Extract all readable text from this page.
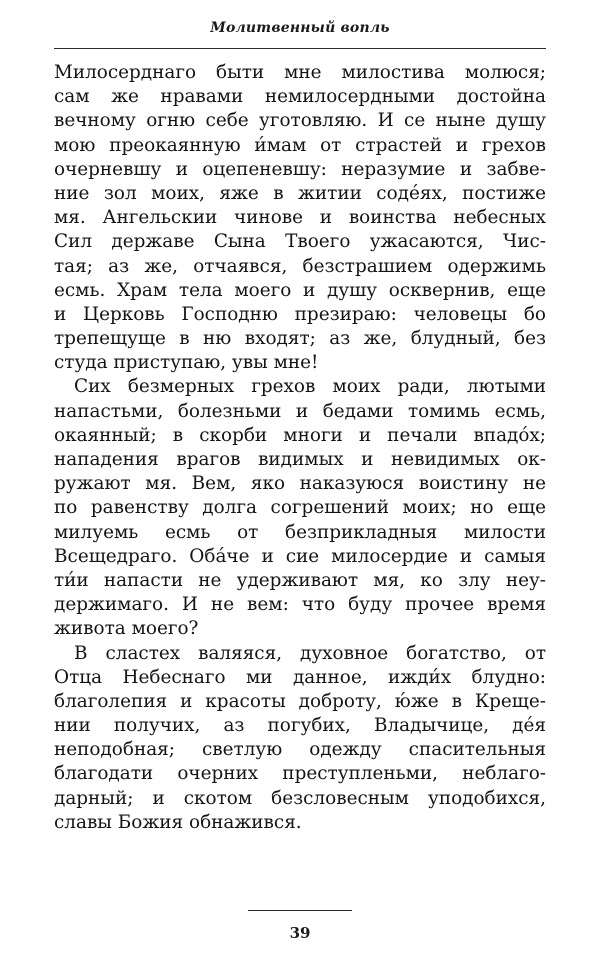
Молитвенный вопль
Милосерднаго быти мне милостива молюся;
сам же нравами немилосердными достойна
вечному огню себе уготовляю. И се ныне душу
мою преокаянную и́мам от страстей и грехов
очерневшу и оцепеневшу: неразумие и забве-
ние зол моих, яже в житии соде́ях, постиже
мя. Ангельскии чинове и воинства небесных
Сил державе Сына Твоего ужасаются, Чис-
тая; аз же, отчаявся, безстрашием одержимь
есмь. Храм тела моего и душу осквернив, еще
и Церковь Господню презираю: человецы бо
трепещуще в ню входят; аз же, блудный, без
студа приступаю, увы мне!
Сих безмерных грехов моих ради, лютыми
напастьми, болезньми и бедами томимь есмь,
окаянный; в скорби многи и печали впадо́х;
нападения врагов видимых и невидимых ок-
ружают мя. Вем, яко наказуюся воистину не
по равенству долга согрешений моих; но еще
милуемь есмь от безприкладныя милости
Всещедраго. Оба́че и сие милосердие и самыя
ти́и напасти не удерживают мя, ко злу неу-
держимаго. И не вем: что буду прочее время
живота моего?
В сластех валяяся, духовное богатство, от
Отца Небеснаго ми данное, ижди́х блудно:
благолепия и красоты доброту, ю́же в Креще-
нии получих, аз погубих, Владычице, де́я
неподобная; светлую одежду спасительныя
благодати очерних преступленьми, неблаго-
дарный; и скотом безсловесным уподобихся,
славы Божия обнажився.
39
